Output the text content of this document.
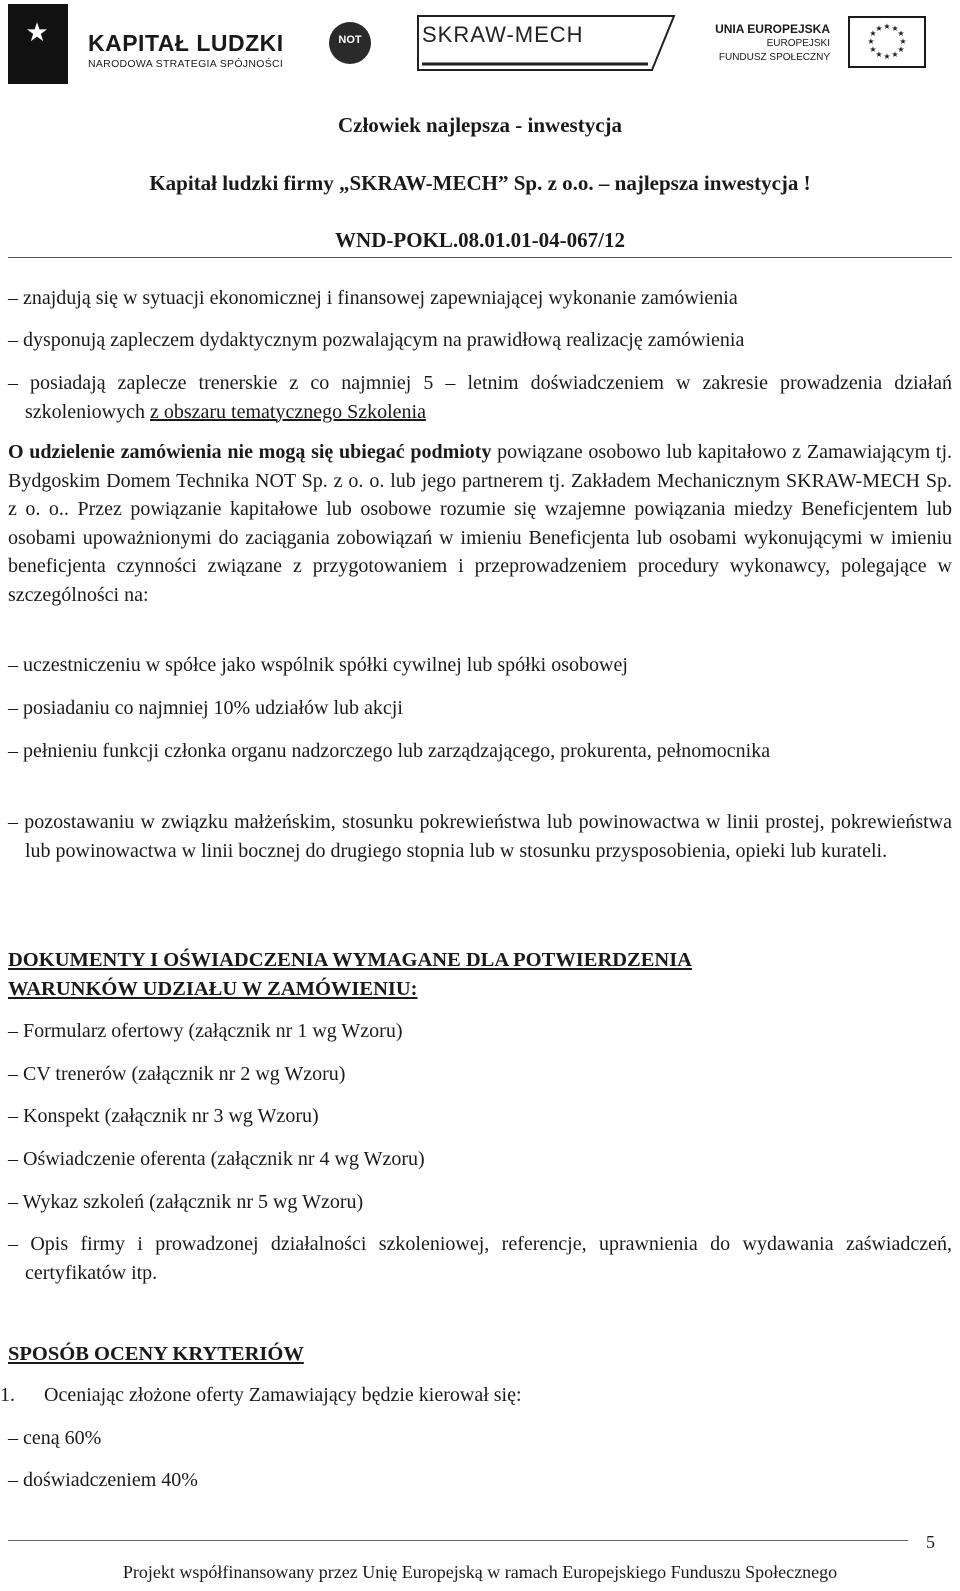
★ KAPITAŁ LUDZKI
NARODOWA STRATEGIA SPÓJNOŚCI
NOT	SKRAW-MECH	UNIA EUROPEJSKA
EUROPEJSKI
FUNDUSZ SPOŁECZNY
★ ★
★
★
★
★
★
★
★
★
★
★
Człowiek najlepsza - inwestycja
Kapitał ludzki firmy „SKRAW-MECH” Sp. z o.o. – najlepsza inwestycja !
WND-POKL.08.01.01-04-067/12
– znajdują się w sytuacji ekonomicznej i finansowej zapewniającej wykonanie zamówienia
– dysponują zapleczem dydaktycznym pozwalającym na prawidłową realizację zamówienia
– posiadają zaplecze trenerskie z co najmniej 5 – letnim doświadczeniem w zakresie prowadzenia działań szkoleniowych z obszaru tematycznego Szkolenia
O udzielenie zamówienia nie mogą się ubiegać podmioty powiązane osobowo lub kapitałowo z Zamawiającym tj. Bydgoskim Domem Technika NOT Sp. z o. o. lub jego partnerem tj. Zakładem Mechanicznym SKRAW-MECH Sp. z o. o.. Przez powiązanie kapitałowe lub osobowe rozumie się wzajemne powiązania miedzy Beneficjentem lub osobami upoważnionymi do zaciągania zobowiązań w imieniu Beneficjenta lub osobami wykonującymi w imieniu beneficjenta czynności związane z przygotowaniem i przeprowadzeniem procedury wykonawcy, polegające w szczególności na:
– uczestniczeniu w spółce jako wspólnik spółki cywilnej lub spółki osobowej
– posiadaniu co najmniej 10% udziałów lub akcji
– pełnieniu funkcji członka organu nadzorczego lub zarządzającego, prokurenta, pełnomocnika
– pozostawaniu w związku małżeńskim, stosunku pokrewieństwa lub powinowactwa w linii prostej, pokrewieństwa lub powinowactwa w linii bocznej do drugiego stopnia lub w stosunku przysposobienia, opieki lub kurateli.
DOKUMENTY I OŚWIADCZENIA WYMAGANE DLA POTWIERDZENIA
WARUNKÓW UDZIAŁU W ZAMÓWIENIU:
– Formularz ofertowy (załącznik nr 1 wg Wzoru)
– CV trenerów (załącznik nr 2 wg Wzoru)
– Konspekt (załącznik nr 3 wg Wzoru)
– Oświadczenie oferenta (załącznik nr 4 wg Wzoru)
– Wykaz szkoleń (załącznik nr 5 wg Wzoru)
– Opis firmy i prowadzonej działalności szkoleniowej, referencje, uprawnienia do wydawania zaświadczeń, certyfikatów itp.
SPOSÓB OCENY KRYTERIÓW
1. Oceniając złożone oferty Zamawiający będzie kierował się:
– ceną 60%
– doświadczeniem 40%
5
Projekt współfinansowany przez Unię Europejską w ramach Europejskiego Funduszu Społecznego
